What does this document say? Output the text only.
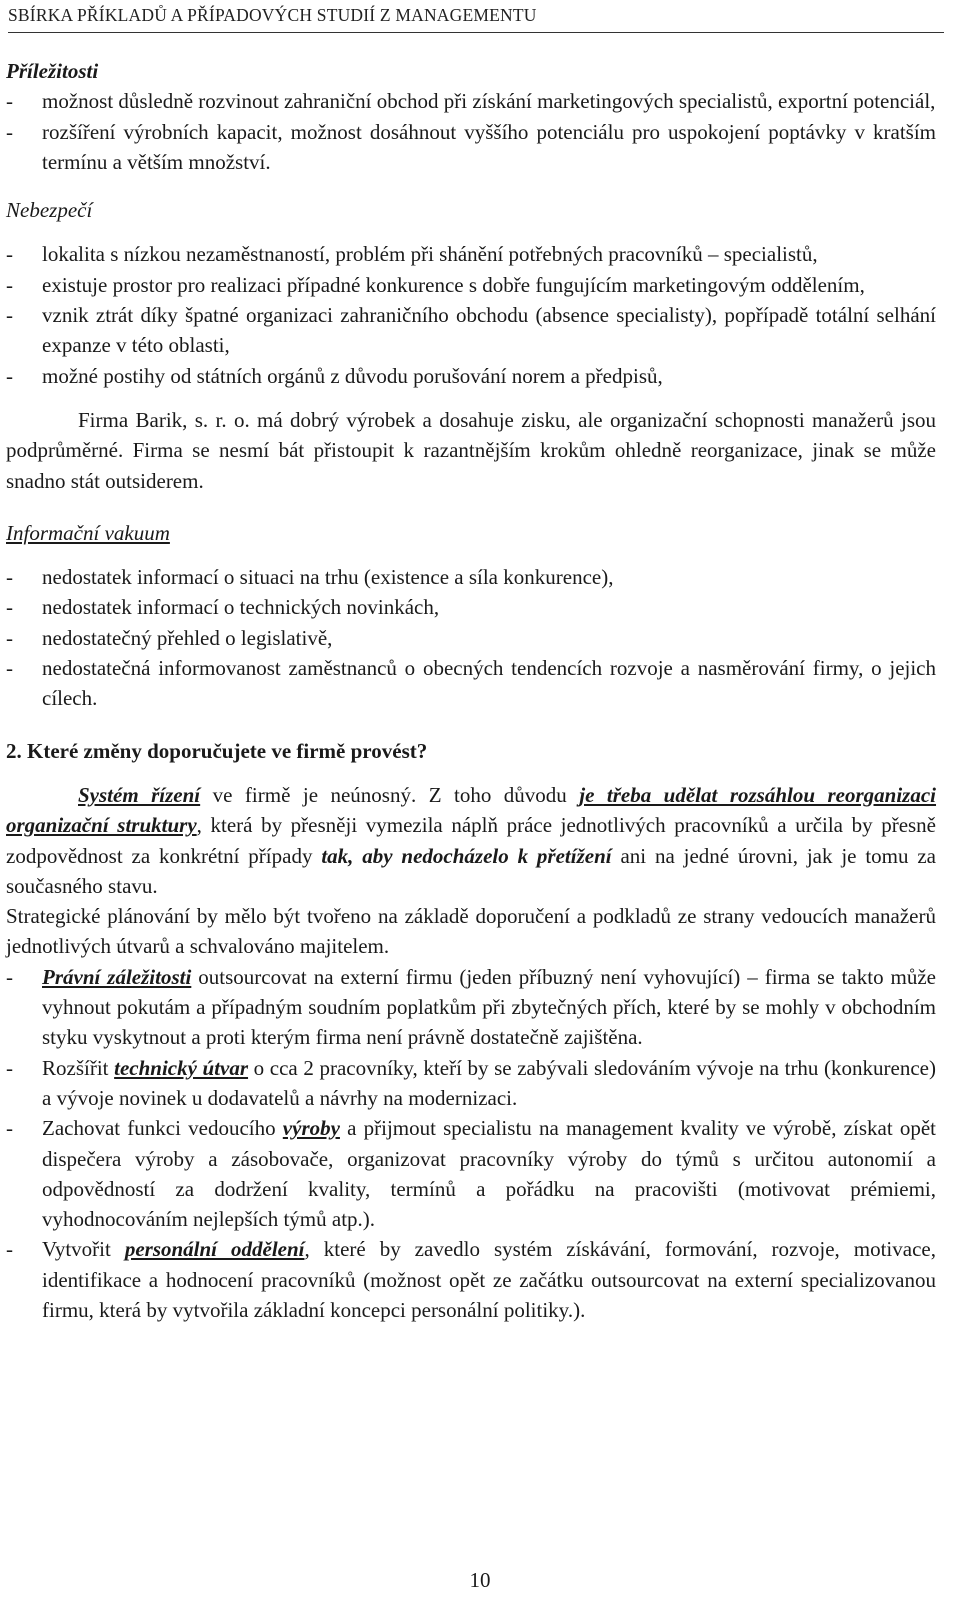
SBÍRKA PŘÍKLADŮ A PŘÍPADOVÝCH STUDIÍ Z MANAGEMENTU

Příležitosti

-	možnost důsledně rozvinout zahraniční obchod při získání marketingových specialistů, exportní potenciál,
-	rozšíření výrobních kapacit, možnost dosáhnout vyššího potenciálu pro uspokojení poptávky v kratším termínu a větším množství.

Nebezpečí

-	lokalita s nízkou nezaměstnaností, problém při shánění potřebných pracovníků – specialistů,
-	existuje prostor pro realizaci případné konkurence s dobře fungujícím marketingovým oddělením,
-	vznik ztrát díky špatné organizaci zahraničního obchodu (absence specialisty), popřípadě totální selhání expanze v této oblasti,
-	možné postihy od státních orgánů z důvodu porušování norem a předpisů,

Firma Barik, s. r. o. má dobrý výrobek a dosahuje zisku, ale organizační schopnosti manažerů jsou podprůměrné. Firma se nesmí bát přistoupit k razantnějším krokům ohledně reorganizace, jinak se může snadno stát outsiderem.

Informační vakuum

-	nedostatek informací o situaci na trhu (existence a síla konkurence),
-	nedostatek informací o technických novinkách,
-	nedostatečný přehled o legislativě,
-	nedostatečná informovanost zaměstnanců o obecných tendencích rozvoje a nasměrování firmy, o jejich cílech.

2. Které změny doporučujete ve firmě provést?

Systém řízení ve firmě je neúnosný. Z toho důvodu je třeba udělat rozsáhlou reorganizaci organizační struktury, která by přesněji vymezila náplň práce jednotlivých pracovníků a určila by přesně zodpovědnost za konkrétní případy tak, aby nedocházelo k přetížení ani na jedné úrovni, jak je tomu za současného stavu.

Strategické plánování by mělo být tvořeno na základě doporučení a podkladů ze strany vedoucích manažerů jednotlivých útvarů a schvalováno majitelem.

-	Právní záležitosti outsourcovat na externí firmu (jeden příbuzný není vyhovující) – firma se takto může vyhnout pokutám a případným soudním poplatkům při zbytečných přích, které by se mohly v obchodním styku vyskytnout a proti kterým firma není právně dostatečně zajištěna.
-	Rozšířit technický útvar o cca 2 pracovníky, kteří by se zabývali sledováním vývoje na trhu (konkurence) a vývoje novinek u dodavatelů a návrhy na modernizaci.
-	Zachovat funkci vedoucího výroby a přijmout specialistu na management kvality ve výrobě, získat opět dispečera výroby a zásobovače, organizovat pracovníky výroby do týmů s určitou autonomií a odpovědností za dodržení kvality, termínů a pořádku na pracovišti (motivovat prémiemi, vyhodnocováním nejlepších týmů atp.).
-	Vytvořit personální oddělení, které by zavedlo systém získávání, formování, rozvoje, motivace, identifikace a hodnocení pracovníků (možnost opět ze začátku outsourcovat na externí specializovanou firmu, která by vytvořila základní koncepci personální politiky.).
10
